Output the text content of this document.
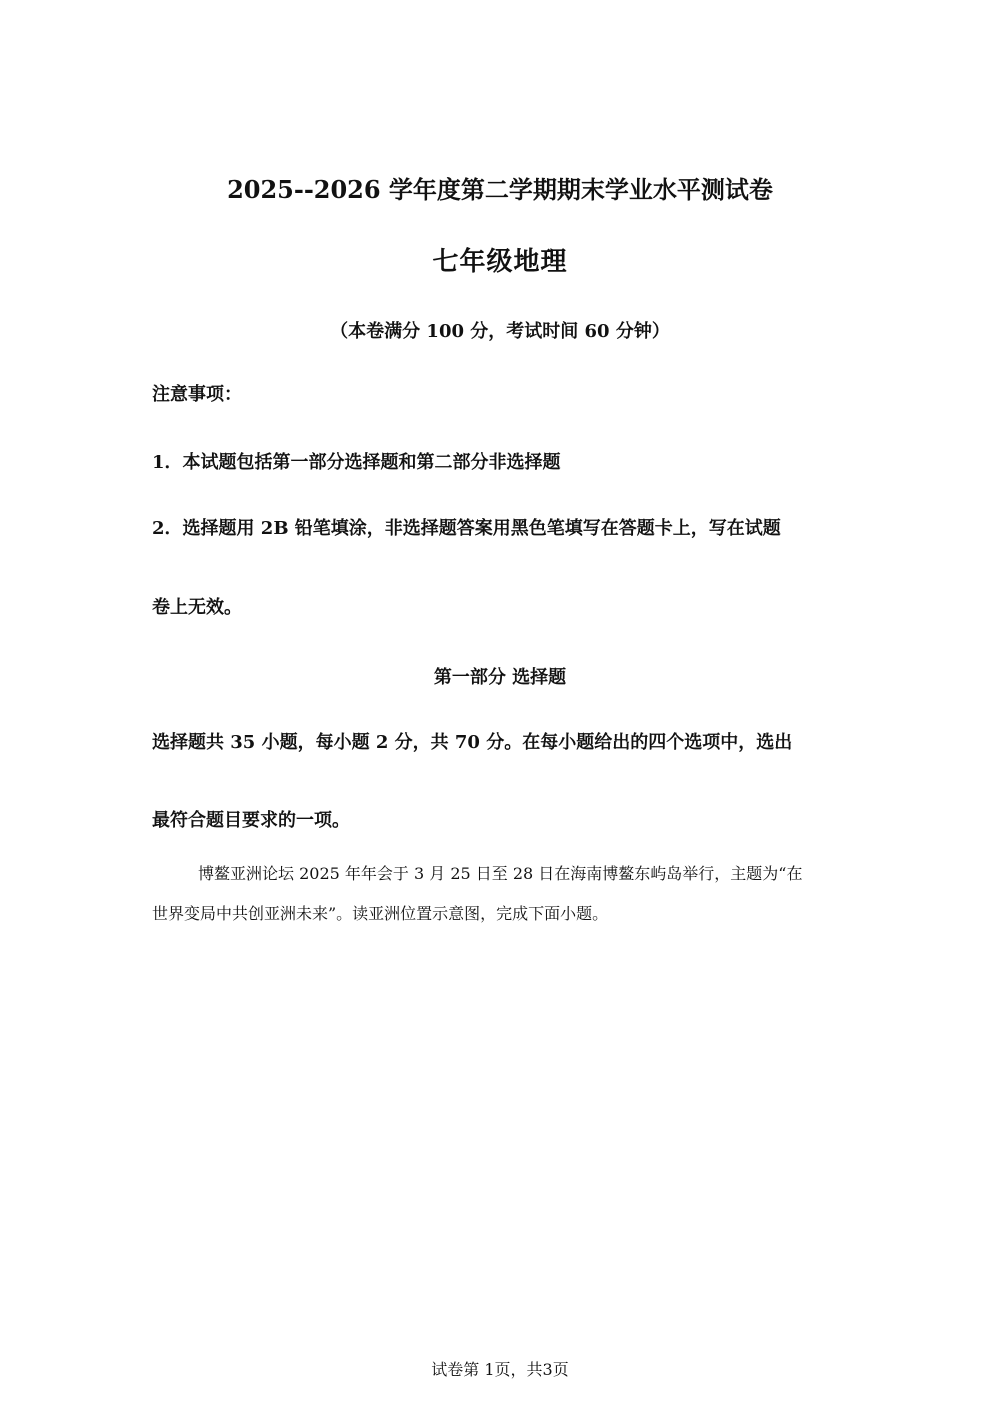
2025--2026 学年度第二学期期末学业水平测试卷
七年级地理
（本卷满分 100 分，考试时间 60 分钟）
注意事项：
1．本试题包括第一部分选择题和第二部分非选择题
2．选择题用 2B 铅笔填涂，非选择题答案用黑色笔填写在答题卡上，写在试题
卷上无效。
第一部分 选择题
选择题共 35 小题，每小题 2 分，共 70 分。在每小题给出的四个选项中，选出
最符合题目要求的一项。
博鳌亚洲论坛 2025 年年会于 3 月 25 日至 28 日在海南博鳌东屿岛举行，主题为“在
世界变局中共创亚洲未来”。读亚洲位置示意图，完成下面小题。
试卷第 1页，共3页
